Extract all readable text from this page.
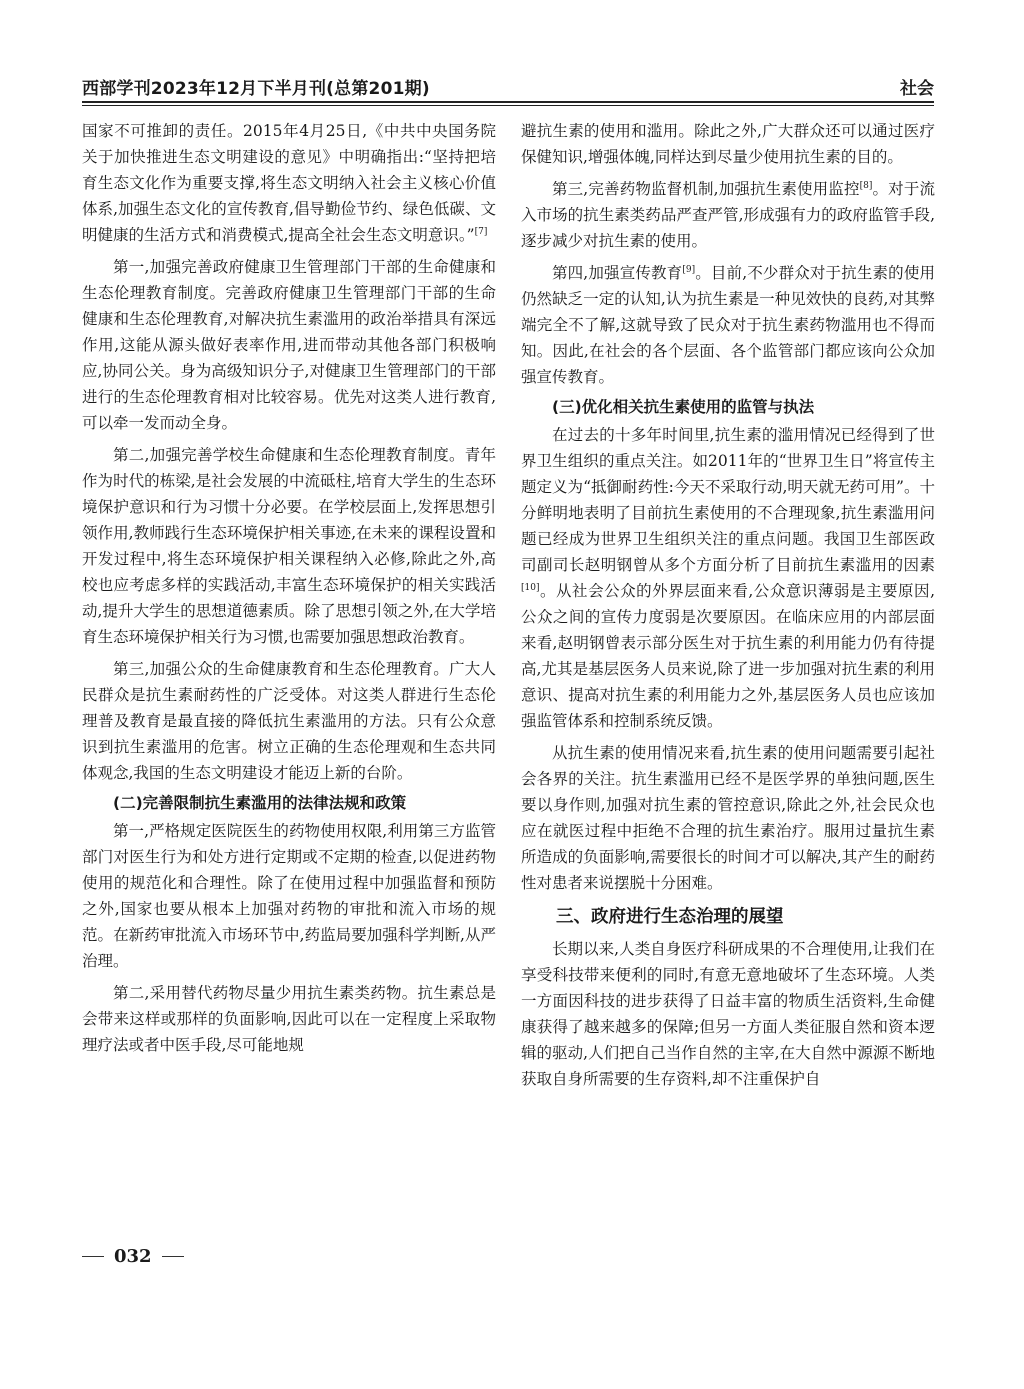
西部学刊2023年12月下半月刊(总第201期)	社会

国家不可推卸的责任。2015年4月25日,《中共中央国务院关于加快推进生态文明建设的意见》中明确指出:“坚持把培育生态文化作为重要支撑,将生态文明纳入社会主义核心价值体系,加强生态文化的宣传教育,倡导勤俭节约、绿色低碳、文明健康的生活方式和消费模式,提高全社会生态文明意识。”[7]

第一,加强完善政府健康卫生管理部门干部的生命健康和生态伦理教育制度。完善政府健康卫生管理部门干部的生命健康和生态伦理教育,对解决抗生素滥用的政治举措具有深远作用,这能从源头做好表率作用,进而带动其他各部门积极响应,协同公关。身为高级知识分子,对健康卫生管理部门的干部进行的生态伦理教育相对比较容易。优先对这类人进行教育,可以牵一发而动全身。

第二,加强完善学校生命健康和生态伦理教育制度。青年作为时代的栋梁,是社会发展的中流砥柱,培育大学生的生态环境保护意识和行为习惯十分必要。在学校层面上,发挥思想引领作用,教师践行生态环境保护相关事迹,在未来的课程设置和开发过程中,将生态环境保护相关课程纳入必修,除此之外,高校也应考虑多样的实践活动,丰富生态环境保护的相关实践活动,提升大学生的思想道德素质。除了思想引领之外,在大学培育生态环境保护相关行为习惯,也需要加强思想政治教育。

第三,加强公众的生命健康教育和生态伦理教育。广大人民群众是抗生素耐药性的广泛受体。对这类人群进行生态伦理普及教育是最直接的降低抗生素滥用的方法。只有公众意识到抗生素滥用的危害。树立正确的生态伦理观和生态共同体观念,我国的生态文明建设才能迈上新的台阶。

(二)完善限制抗生素滥用的法律法规和政策

第一,严格规定医院医生的药物使用权限,利用第三方监管部门对医生行为和处方进行定期或不定期的检查,以促进药物使用的规范化和合理性。除了在使用过程中加强监督和预防之外,国家也要从根本上加强对药物的审批和流入市场的规范。在新药审批流入市场环节中,药监局要加强科学判断,从严治理。

第二,采用替代药物尽量少用抗生素类药物。抗生素总是会带来这样或那样的负面影响,因此可以在一定程度上采取物理疗法或者中医手段,尽可能地规

避抗生素的使用和滥用。除此之外,广大群众还可以通过医疗保健知识,增强体魄,同样达到尽量少使用抗生素的目的。

第三,完善药物监督机制,加强抗生素使用监控[8]。对于流入市场的抗生素类药品严查严管,形成强有力的政府监管手段,逐步减少对抗生素的使用。

第四,加强宣传教育[9]。目前,不少群众对于抗生素的使用仍然缺乏一定的认知,认为抗生素是一种见效快的良药,对其弊端完全不了解,这就导致了民众对于抗生素药物滥用也不得而知。因此,在社会的各个层面、各个监管部门都应该向公众加强宣传教育。

(三)优化相关抗生素使用的监管与执法

在过去的十多年时间里,抗生素的滥用情况已经得到了世界卫生组织的重点关注。如2011年的“世界卫生日”将宣传主题定义为“抵御耐药性:今天不采取行动,明天就无药可用”。十分鲜明地表明了目前抗生素使用的不合理现象,抗生素滥用问题已经成为世界卫生组织关注的重点问题。我国卫生部医政司副司长赵明钢曾从多个方面分析了目前抗生素滥用的因素[10]。从社会公众的外界层面来看,公众意识薄弱是主要原因,公众之间的宣传力度弱是次要原因。在临床应用的内部层面来看,赵明钢曾表示部分医生对于抗生素的利用能力仍有待提高,尤其是基层医务人员来说,除了进一步加强对抗生素的利用意识、提高对抗生素的利用能力之外,基层医务人员也应该加强监管体系和控制系统反馈。

从抗生素的使用情况来看,抗生素的使用问题需要引起社会各界的关注。抗生素滥用已经不是医学界的单独问题,医生要以身作则,加强对抗生素的管控意识,除此之外,社会民众也应在就医过程中拒绝不合理的抗生素治疗。服用过量抗生素所造成的负面影响,需要很长的时间才可以解决,其产生的耐药性对患者来说摆脱十分困难。

三、政府进行生态治理的展望

长期以来,人类自身医疗科研成果的不合理使用,让我们在享受科技带来便利的同时,有意无意地破坏了生态环境。人类一方面因科技的进步获得了日益丰富的物质生活资料,生命健康获得了越来越多的保障;但另一方面人类征服自然和资本逻辑的驱动,人们把自己当作自然的主宰,在大自然中源源不断地获取自身所需要的生存资料,却不注重保护自

032
